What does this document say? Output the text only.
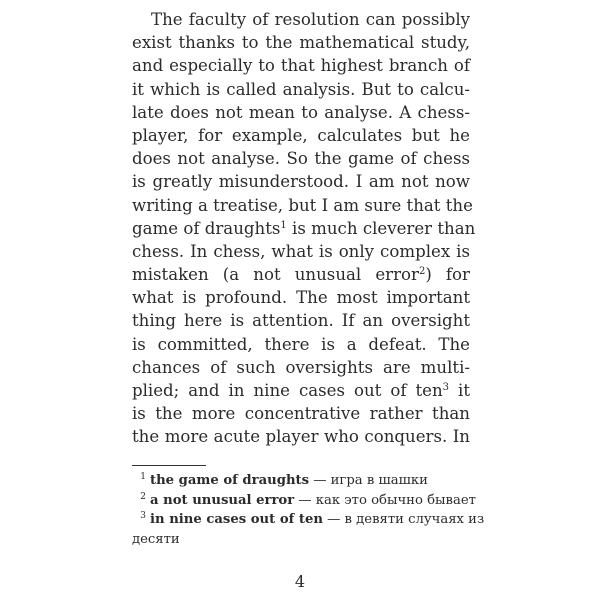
The faculty of resolution can possibly
exist thanks to the mathematical study,
and especially to that highest branch of
it which is called analysis. But to calcu-
late does not mean to analyse. A chess-
player, for example, calculates but he
does not analyse. So the game of chess
is greatly misunderstood. I am not now
writing a treatise, but I am sure that the
game of draughts$^1$ is much cleverer than
chess. In chess, what is only complex is
mistaken (a not unusual error$^2$) for
what is profound. The most important
thing here is attention. If an oversight
is committed, there is a defeat. The
chances of such oversights are multi-
plied; and in nine cases out of ten$^3$ it
is the more concentrative rather than
the more acute player who conquers. In
1 the game of draughts — игра в шашки
2 a not unusual error — как это обычно бывает
3 in nine cases out of ten — в девяти случаях из
десяти
4
